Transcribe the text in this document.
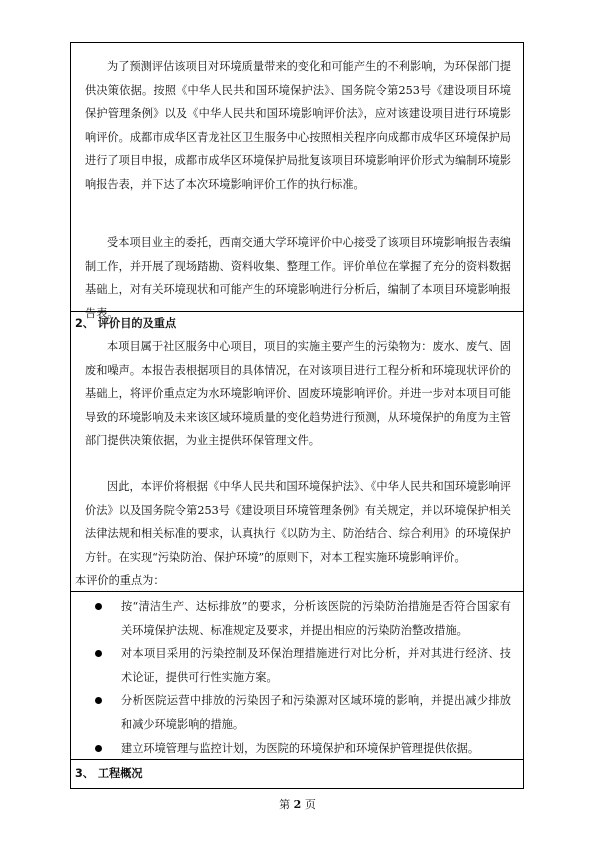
为了预测评估该项目对环境质量带来的变化和可能产生的不利影响，为环保部门提供决策依据。按照《中华人民共和国环境保护法》、国务院令第253号《建设项目环境保护管理条例》以及《中华人民共和国环境影响评价法》，应对该建设项目进行环境影响评价。成都市成华区青龙社区卫生服务中心按照相关程序向成都市成华区环境保护局进行了项目申报，成都市成华区环境保护局批复该项目环境影响评价形式为编制环境影响报告表，并下达了本次环境影响评价工作的执行标准。

受本项目业主的委托，西南交通大学环境评价中心接受了该项目环境影响报告表编制工作，并开展了现场踏勘、资料收集、整理工作。评价单位在掌握了充分的资料数据基础上，对有关环境现状和可能产生的环境影响进行分析后，编制了本项目环境影响报告表。

2、 评价目的及重点

本项目属于社区服务中心项目，项目的实施主要产生的污染物为：废水、废气、固废和噪声。本报告表根据项目的具体情况，在对该项目进行工程分析和环境现状评价的基础上，将评价重点定为水环境影响评价、固废环境影响评价。并进一步对本项目可能导致的环境影响及未来该区域环境质量的变化趋势进行预测，从环境保护的角度为主管部门提供决策依据，为业主提供环保管理文件。

因此，本评价将根据《中华人民共和国环境保护法》、《中华人民共和国环境影响评价法》以及国务院令第253号《建设项目环境管理条例》有关规定，并以环境保护相关法律法规和相关标准的要求，认真执行《以防为主、防治结合、综合利用》的环境保护方针。在实现“污染防治、保护环境”的原则下，对本工程实施环境影响评价。

本评价的重点为：

按“清洁生产、达标排放”的要求，分析该医院的污染防治措施是否符合国家有关环境保护法规、标准规定及要求，并提出相应的污染防治整改措施。
对本项目采用的污染控制及环保治理措施进行对比分析，并对其进行经济、技术论证，提供可行性实施方案。
分析医院运营中排放的污染因子和污染源对区域环境的影响，并提出减少排放和减少环境影响的措施。
建立环境管理与监控计划，为医院的环境保护和环境保护管理提供依据。
3、 工程概况
第 2 页
